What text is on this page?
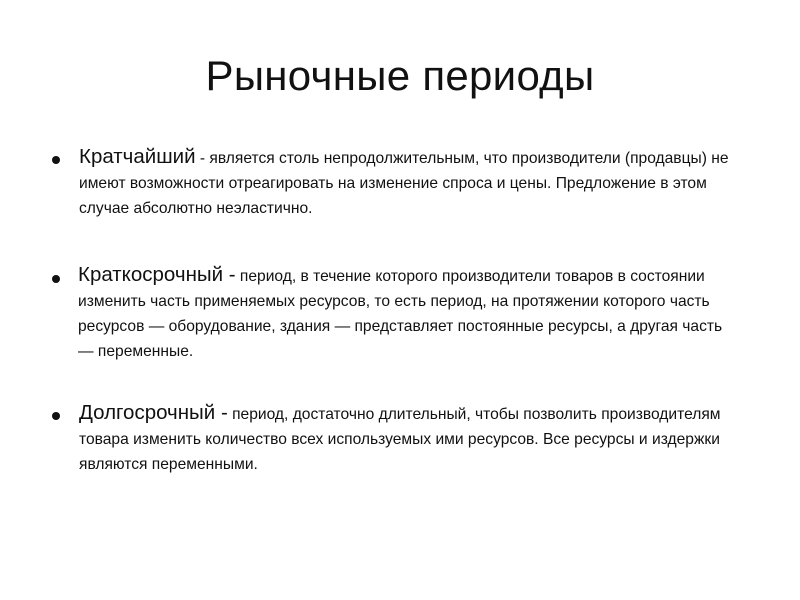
Рыночные периоды
Кратчайший - является столь непродолжительным, что производители (продавцы) не имеют возможности отреагировать на изменение спроса и цены. Предложение в этом случае абсолютно неэластично.
Краткосрочный - период, в течение которого производители товаров в состоянии изменить часть применяемых ресурсов, то есть период, на протяжении которого часть ресурсов — оборудование, здания — представляет постоянные ресурсы, а другая часть — переменные.
Долгосрочный - период, достаточно длительный, чтобы позволить производителям товара изменить количество всех используемых ими ресурсов. Все ресурсы и издержки являются переменными.
